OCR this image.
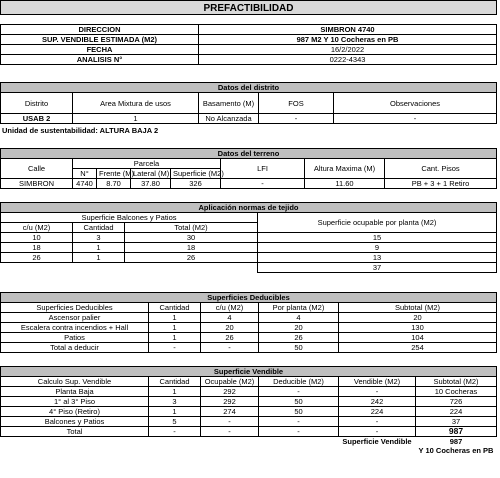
PREFACTIBILIDAD
DIRECCION	SIMBRON 4740
SUP. VENDIBLE ESTIMADA (M2)	987 M2 Y 10 Cocheras en PB
FECHA	16/2/2022
ANALISIS N°	0222-4343
Datos del distrito				
Distrito	Area Mixtura de usos	Basamento (M)	FOS	Observaciones
USAB 2	1	No Alcanzada	-	-
Unidad de sustentabilidad: ALTURA BAJA 2
Datos del terreno							
Calle	Parcela				LFI	Altura Maxima (M)	Cant. Pisos
	N°	Frente (M)	Lateral (M)	Superficie (M2)			
SIMBRON	4740	8.70	37.80	326	-	11.60	PB + 3 + 1 Retiro
Aplicación normas de tejido			
Superficie Balcones y Patios			Superficie ocupable por planta (M2)
c/u (M2)	Cantidad	Total (M2)	
10	3	30	15
18	1	18	9
26	1	26	13
			37
Superficies Deducibles				
Superficies Deducibles	Cantidad	c/u (M2)	Por planta (M2)	Subtotal (M2)
Ascensor palier	1	4	4	20
Escalera contra incendios + Hall	1	20	20	130
Patios	1	26	26	104
Total a deducir	-	-	50	254
Superficie Vendible					
Calculo Sup. Vendible	Cantidad	Ocupable (M2)	Deducible (M2)	Vendible (M2)	Subtotal (M2)
Planta Baja	1	292	-	-	10 Cocheras
1° al 3° Piso	3	292	50	242	726
4° Piso (Retiro)	1	274	50	224	224
Balcones y Patios	5	-	-	-	37
Total	-	-	-	-	987
				Superficie Vendible	987
					Y 10 Cocheras en PB
